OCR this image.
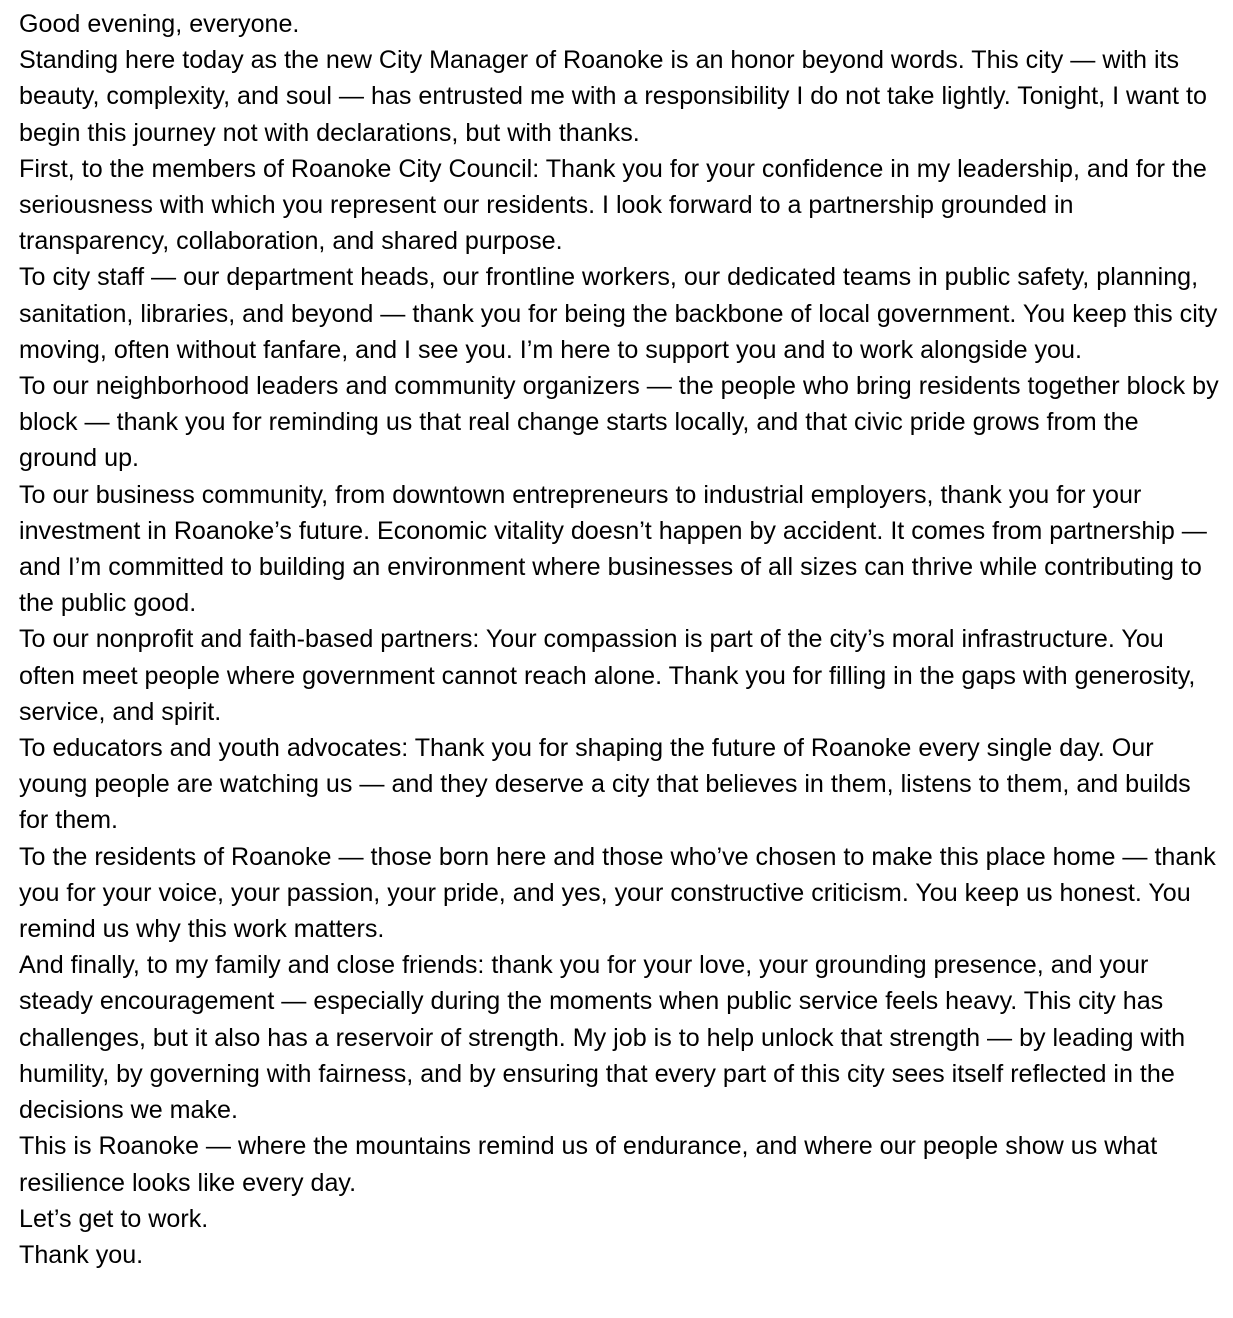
Good evening, everyone.

Standing here today as the new City Manager of Roanoke is an honor beyond words. This city — with its beauty, complexity, and soul — has entrusted me with a responsibility I do not take lightly. Tonight, I want to begin this journey not with declarations, but with thanks.

First, to the members of Roanoke City Council: Thank you for your confidence in my leadership, and for the seriousness with which you represent our residents. I look forward to a partnership grounded in transparency, collaboration, and shared purpose.

To city staff — our department heads, our frontline workers, our dedicated teams in public safety, planning, sanitation, libraries, and beyond — thank you for being the backbone of local government. You keep this city moving, often without fanfare, and I see you. I’m here to support you and to work alongside you.

To our neighborhood leaders and community organizers — the people who bring residents together block by block — thank you for reminding us that real change starts locally, and that civic pride grows from the ground up.

To our business community, from downtown entrepreneurs to industrial employers, thank you for your investment in Roanoke’s future. Economic vitality doesn’t happen by accident. It comes from partnership — and I’m committed to building an environment where businesses of all sizes can thrive while contributing to the public good.

To our nonprofit and faith-based partners: Your compassion is part of the city’s moral infrastructure. You often meet people where government cannot reach alone. Thank you for filling in the gaps with generosity, service, and spirit.

To educators and youth advocates: Thank you for shaping the future of Roanoke every single day. Our young people are watching us — and they deserve a city that believes in them, listens to them, and builds for them.

To the residents of Roanoke — those born here and those who’ve chosen to make this place home — thank you for your voice, your passion, your pride, and yes, your constructive criticism. You keep us honest. You remind us why this work matters.

And finally, to my family and close friends: thank you for your love, your grounding presence, and your steady encouragement — especially during the moments when public service feels heavy. This city has challenges, but it also has a reservoir of strength. My job is to help unlock that strength — by leading with humility, by governing with fairness, and by ensuring that every part of this city sees itself reflected in the decisions we make.

This is Roanoke — where the mountains remind us of endurance, and where our people show us what resilience looks like every day.

Let’s get to work.

Thank you.
